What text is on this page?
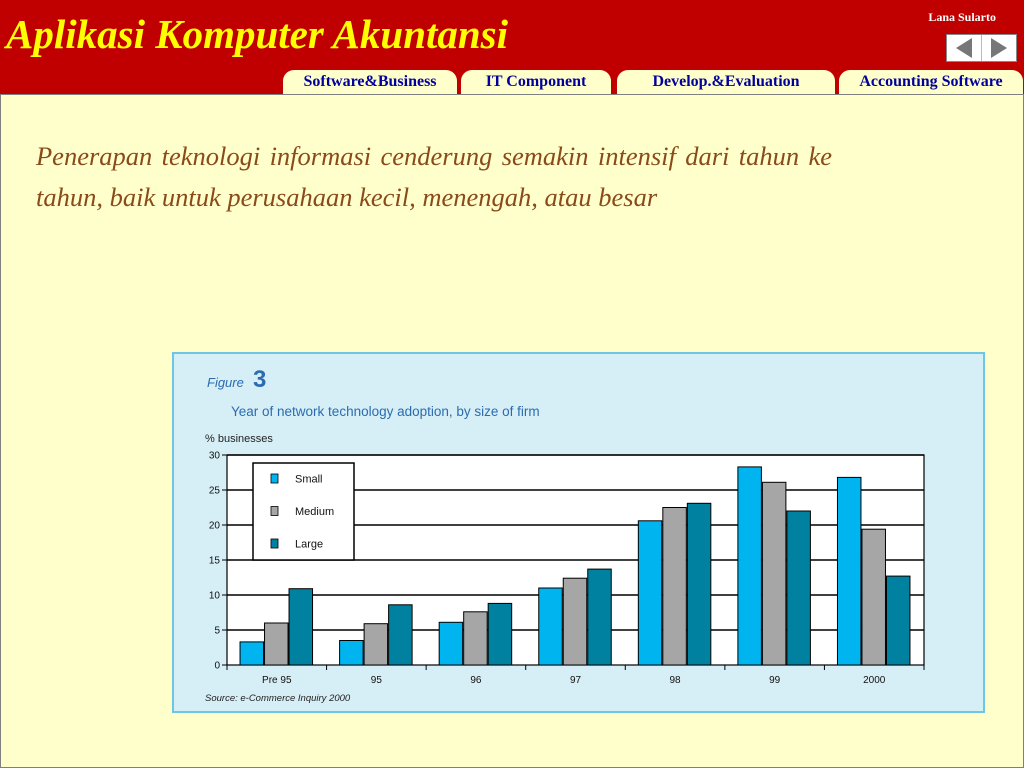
Aplikasi Komputer Akuntansi	Lana Sularto
Software&Business	IT Component	Develop.&Evaluation	Accounting Software
Penerapan teknologi informasi cenderung semakin intensif dari tahun ke tahun, baik untuk perusahaan kecil, menengah, atau besar
Figure 3
Year of network technology adoption, by size of firm
% businesses
0
5
10
15
20
25
30
Pre 95	95	96	97	98	99	2000
Small
Medium
Large
Source: e-Commerce Inquiry 2000
